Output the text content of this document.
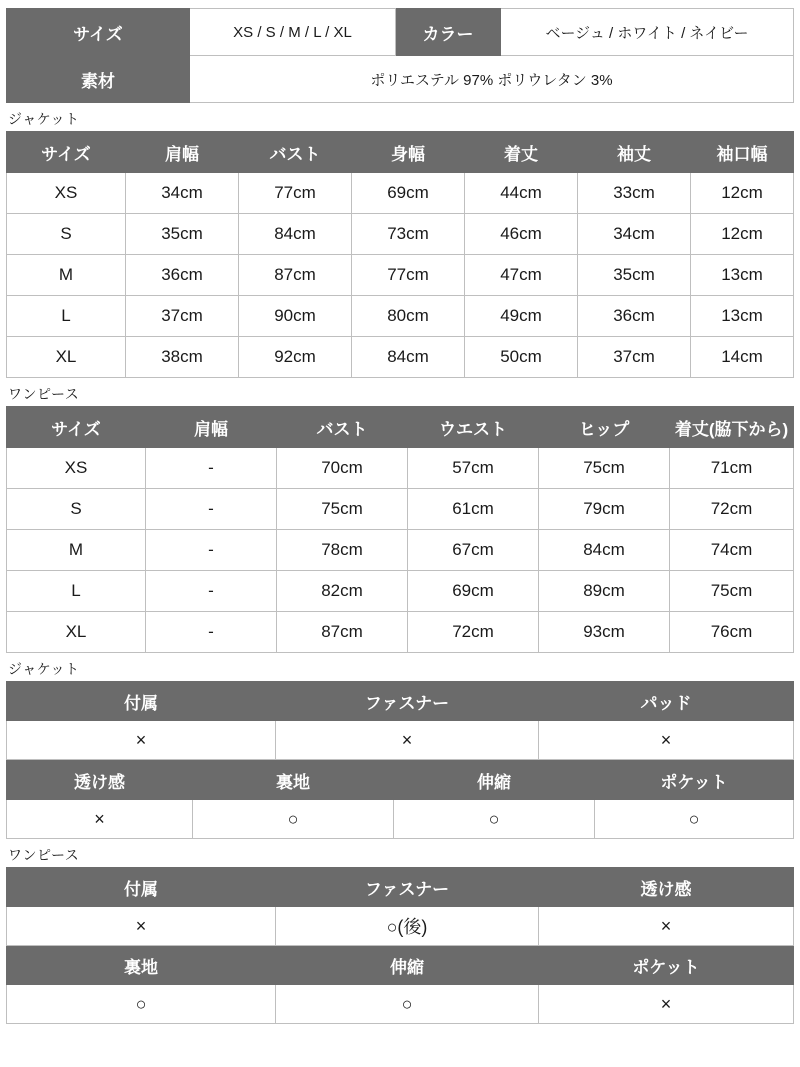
サイズ	XS / S / M / L / XL	カラー	ベージュ / ホワイト / ネイビー
素材	ポリエステル 97% ポリウレタン 3%		
ジャケット
サイズ	肩幅	バスト	身幅	着丈	袖丈	袖口幅
XS	34cm	77cm	69cm	44cm	33cm	12cm
S	35cm	84cm	73cm	46cm	34cm	12cm
M	36cm	87cm	77cm	47cm	35cm	13cm
L	37cm	90cm	80cm	49cm	36cm	13cm
XL	38cm	92cm	84cm	50cm	37cm	14cm
ワンピース
サイズ	肩幅	バスト	ウエスト	ヒップ	着丈(脇下から)
XS	-	70cm	57cm	75cm	71cm
S	-	75cm	61cm	79cm	72cm
M	-	78cm	67cm	84cm	74cm
L	-	82cm	69cm	89cm	75cm
XL	-	87cm	72cm	93cm	76cm
ジャケット
付属	ファスナー	パッド
×	×	×
透け感	裏地	伸縮	ポケット
×	○	○	○
ワンピース
付属	ファスナー	透け感
×	○(後)	×
裏地	伸縮	ポケット
○	○	×
